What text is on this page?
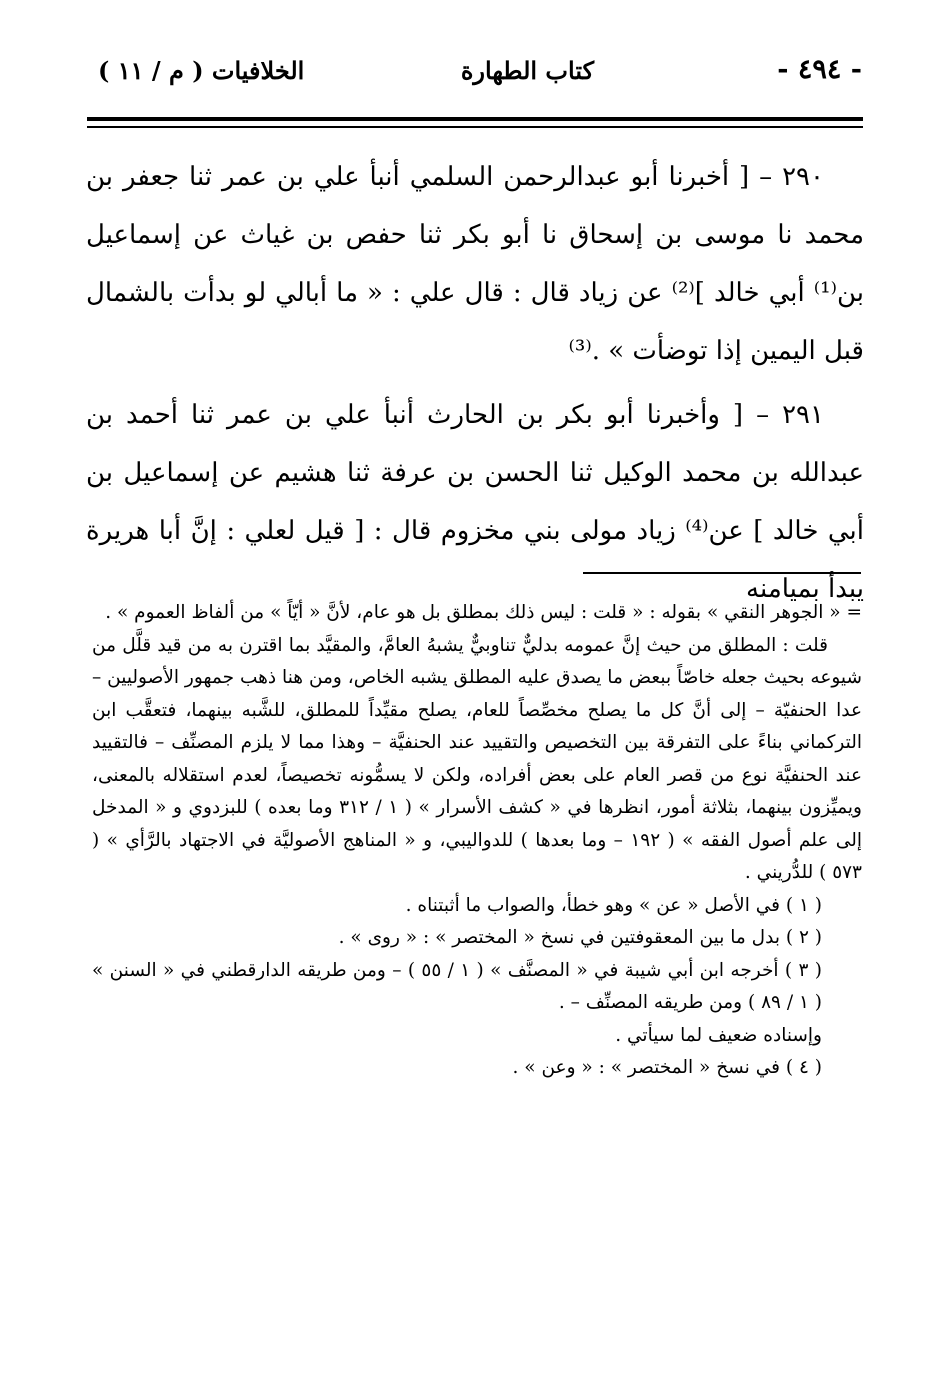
- ٤٩٤ -
كتاب الطهارة
الخلافيات ( م / ١١ )

٢٩٠ – [ أخبرنا أبو عبدالرحمن السلمي أنبأ علي بن عمر ثنا جعفر بن محمد نا موسى بن إسحاق نا أبو بكر ثنا حفص بن غياث عن إسماعيل بن⁽¹⁾ أبي خالد ]⁽²⁾ عن زياد قال : قال علي : « ما أبالي لو بدأت بالشمال قبل اليمين إذا توضأت » .⁽³⁾

٢٩١ – [ وأخبرنا أبو بكر بن الحارث أنبأ علي بن عمر ثنا أحمد بن عبدالله بن محمد الوكيل ثنا الحسن بن عرفة ثنا هشيم عن إسماعيل بن أبي خالد ] عن⁽⁴⁾ زياد مولى بني مخزوم قال : [ قيل لعلي : إنَّ أبا هريرة يبدأ بميامنه

= « الجوهر النقي » بقوله : « قلت : ليس ذلك بمطلق بل هو عام، لأنَّ « أيّاً » من ألفاظ العموم » .

قلت : المطلق من حيث إنَّ عمومه بدليٌّ تناوبيٌّ يشبهُ العامَّ، والمقيَّد بما اقترن به من قيد قلَّل من شيوعه بحيث جعله خاصّاً ببعض ما يصدق عليه المطلق يشبه الخاص، ومن هنا ذهب جمهور الأصوليين – عدا الحنفيّة – إلى أنَّ كل ما يصلح مخصِّصاً للعام، يصلح مقيِّداً للمطلق، للشَّبه بينهما، فتعقَّب ابن التركماني بناءً على التفرقة بين التخصيص والتقييد عند الحنفيَّة – وهذا مما لا يلزم المصنِّف – فالتقييد عند الحنفيَّة نوع من قصر العام على بعض أفراده، ولكن لا يسمُّونه تخصيصاً، لعدم استقلاله بالمعنى، ويميِّزون بينهما، بثلاثة أمور، انظرها في « كشف الأسرار » ( ١ / ٣١٢ وما بعده ) للبزدوي و « المدخل إلى علم أصول الفقه » ( ١٩٢ – وما بعدها ) للدواليبي، و « المناهج الأصوليَّة في الاجتهاد بالرَّأي » ( ٥٧٣ ) للدُّريني .

( ١ ) في الأصل « عن » وهو خطأ، والصواب ما أثبتناه .

( ٢ ) بدل ما بين المعقوفتين في نسخ « المختصر » : « روى » .

( ٣ ) أخرجه ابن أبي شيبة في « المصنَّف » ( ١ / ٥٥ ) – ومن طريقه الدارقطني في « السنن » ( ١ / ٨٩ ) ومن طريقه المصنِّف – .

وإسناده ضعيف لما سيأتي .

( ٤ ) في نسخ « المختصر » : « وعن » .
